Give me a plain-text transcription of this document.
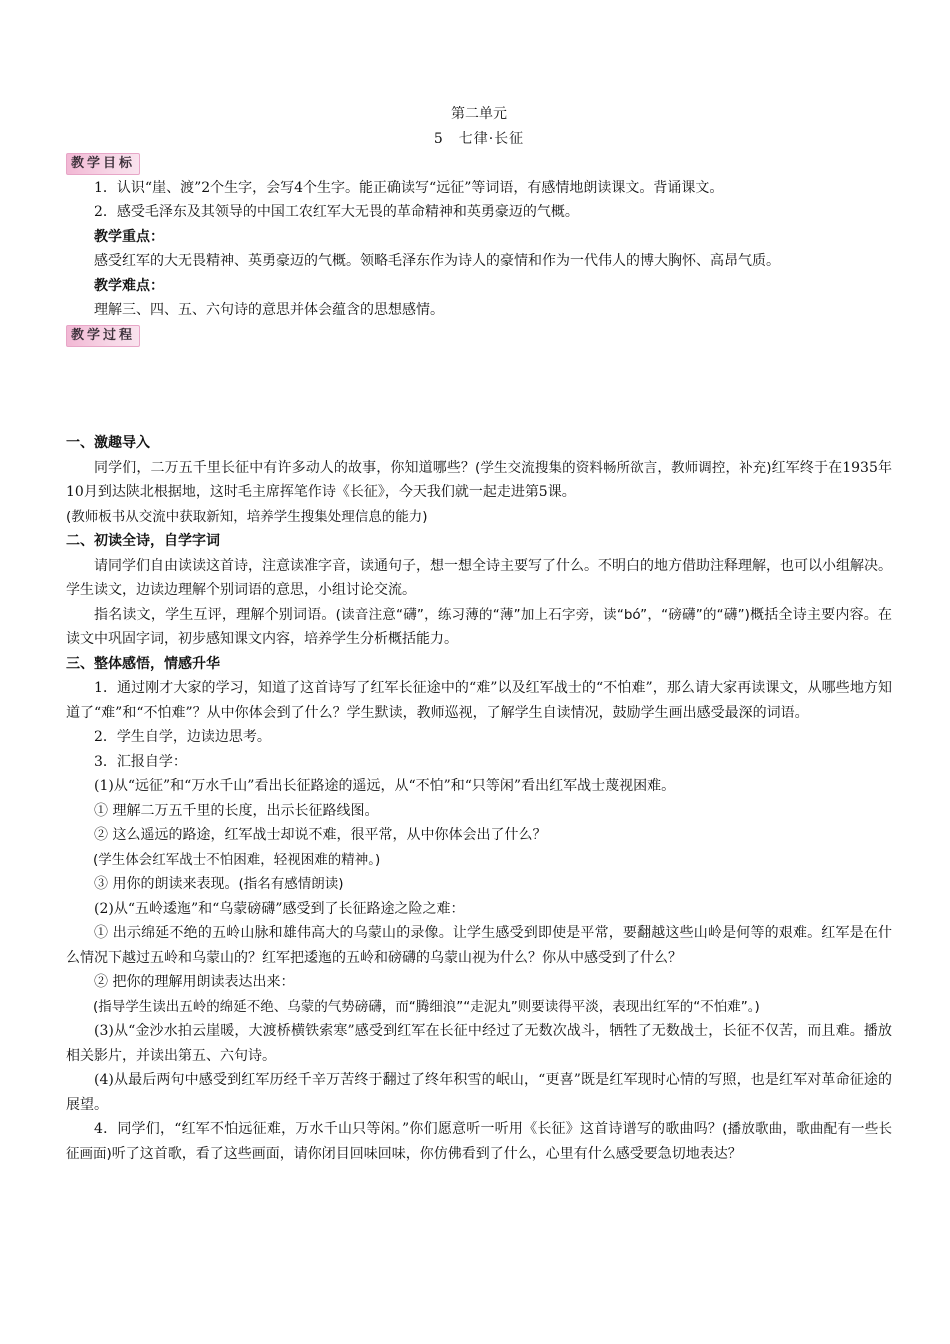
第二单元
5　七律·长征
教学目标

1．认识“崖、渡”2个生字，会写4个生字。能正确读写“远征”等词语，有感情地朗读课文。背诵课文。

2．感受毛泽东及其领导的中国工农红军大无畏的革命精神和英勇豪迈的气概。

教学重点：

感受红军的大无畏精神、英勇豪迈的气概。领略毛泽东作为诗人的豪情和作为一代伟人的博大胸怀、高昂气质。

教学难点：

理解三、四、五、六句诗的意思并体会蕴含的思想感情。

教学过程

一、激趣导入

同学们，二万五千里长征中有许多动人的故事，你知道哪些？(学生交流搜集的资料畅所欲言，教师调控，补充)红军终于在1935年10月到达陕北根据地，这时毛主席挥笔作诗《长征》，今天我们就一起走进第5课。

(教师板书从交流中获取新知，培养学生搜集处理信息的能力)

二、初读全诗，自学字词

请同学们自由读读这首诗，注意读准字音，读通句子，想一想全诗主要写了什么。不明白的地方借助注释理解，也可以小组解决。学生读文，边读边理解个别词语的意思，小组讨论交流。

指名读文，学生互评，理解个别词语。(读音注意“礴”，练习薄的“薄”加上石字旁，读“bó”，“磅礴”的“礴”)概括全诗主要内容。在读文中巩固字词，初步感知课文内容，培养学生分析概括能力。

三、整体感悟，情感升华

1．通过刚才大家的学习，知道了这首诗写了红军长征途中的“难”以及红军战士的“不怕难”，那么请大家再读课文，从哪些地方知道了“难”和“不怕难”？从中你体会到了什么？学生默读，教师巡视，了解学生自读情况，鼓励学生画出感受最深的词语。

2．学生自学，边读边思考。

3．汇报自学：

(1)从“远征”和“万水千山”看出长征路途的遥远，从“不怕”和“只等闲”看出红军战士蔑视困难。

① 理解二万五千里的长度，出示长征路线图。

② 这么遥远的路途，红军战士却说不难，很平常，从中你体会出了什么？

(学生体会红军战士不怕困难，轻视困难的精神。)

③ 用你的朗读来表现。(指名有感情朗读)

(2)从“五岭逶迤”和“乌蒙磅礴”感受到了长征路途之险之难：

① 出示绵延不绝的五岭山脉和雄伟高大的乌蒙山的录像。让学生感受到即使是平常，要翻越这些山岭是何等的艰难。红军是在什么情况下越过五岭和乌蒙山的？红军把逶迤的五岭和磅礴的乌蒙山视为什么？你从中感受到了什么？

② 把你的理解用朗读表达出来：

(指导学生读出五岭的绵延不绝、乌蒙的气势磅礴，而“腾细浪”“走泥丸”则要读得平淡，表现出红军的“不怕难”。)

(3)从“金沙水拍云崖暖，大渡桥横铁索寒”感受到红军在长征中经过了无数次战斗，牺牲了无数战士，长征不仅苦，而且难。播放相关影片，并读出第五、六句诗。

(4)从最后两句中感受到红军历经千辛万苦终于翻过了终年积雪的岷山，“更喜”既是红军现时心情的写照，也是红军对革命征途的展望。

4．同学们，“红军不怕远征难，万水千山只等闲。”你们愿意听一听用《长征》这首诗谱写的歌曲吗？(播放歌曲，歌曲配有一些长征画面)听了这首歌，看了这些画面，请你闭目回味回味，你仿佛看到了什么，心里有什么感受要急切地表达？
